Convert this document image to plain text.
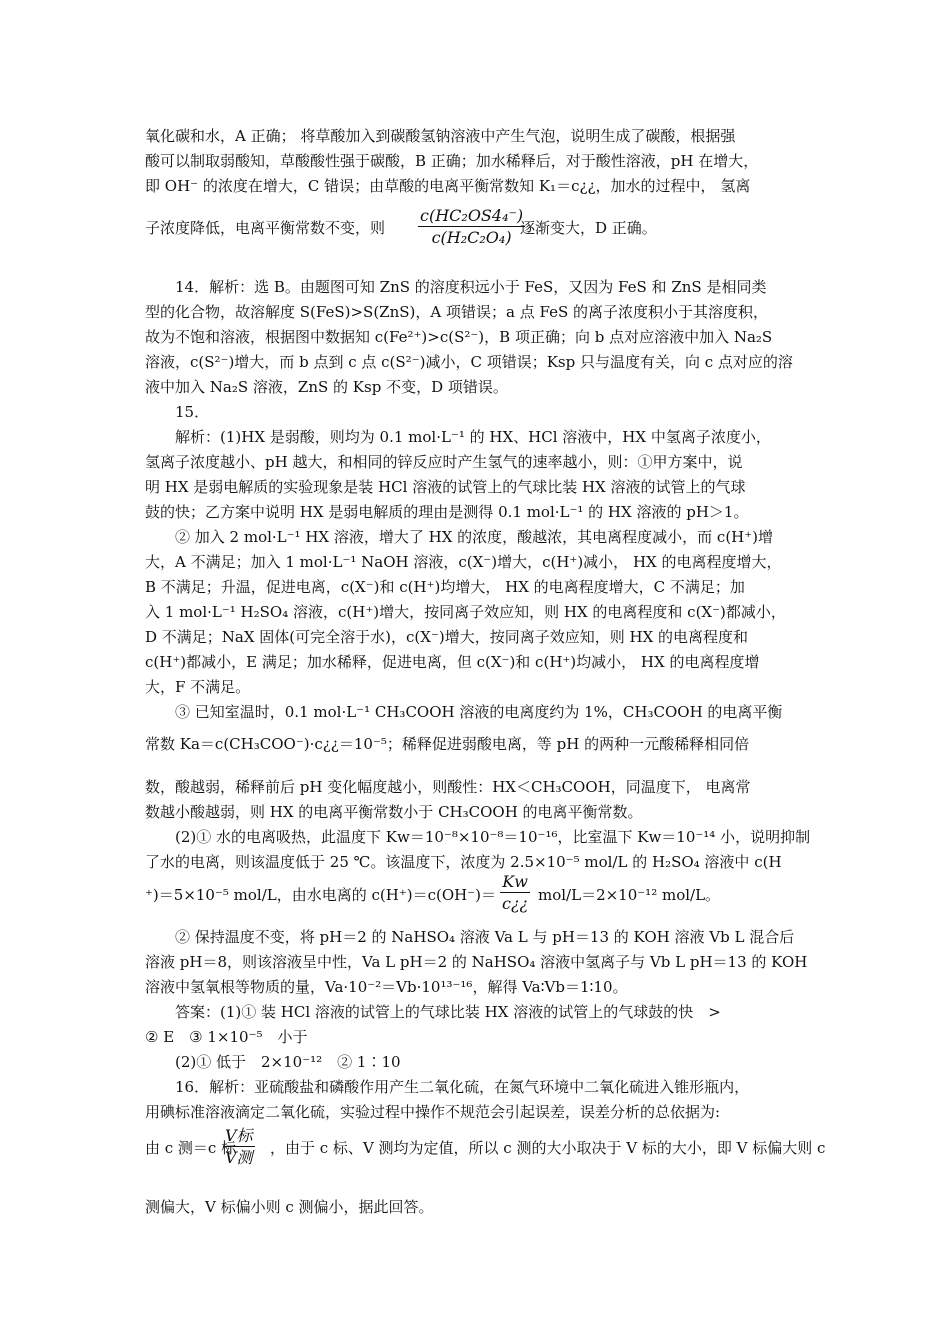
氧化碳和水，A 正确； 将草酸加入到碳酸氢钠溶液中产生气泡，说明生成了碳酸，根据强
酸可以制取弱酸知，草酸酸性强于碳酸，B 正确；加水稀释后，对于酸性溶液，pH 在增大，
即 OH⁻ 的浓度在增大，C 错误；由草酸的电离平衡常数知 K₁＝c¿¿，加水的过程中， 氢离
子浓度降低，电离平衡常数不变，则	$\frac{\text{c(HC₂OS4₄⁻)}}{\text{c(H₂C₂O₄)}}$
逐渐变大，D 正确。
14．解析：选 B。由题图可知 ZnS 的溶度积远小于 FeS，又因为 FeS 和 ZnS 是相同类
型的化合物，故溶解度 S(FeS)>S(ZnS)，A 项错误；a 点 FeS 的离子浓度积小于其溶度积，
故为不饱和溶液，根据图中数据知 c(Fe²⁺)>c(S²⁻)，B 项正确；向 b 点对应溶液中加入 Na₂S
溶液，c(S²⁻)增大，而 b 点到 c 点 c(S²⁻)减小，C 项错误；Ksp 只与温度有关，向 c 点对应的溶
液中加入 Na₂S 溶液，ZnS 的 Ksp 不变，D 项错误。
15．
解析：(1)HX 是弱酸，则均为 0.1 mol·L⁻¹ 的 HX、HCl 溶液中，HX 中氢离子浓度小，
氢离子浓度越小、pH 越大，和相同的锌反应时产生氢气的速率越小，则：①甲方案中，说
明 HX 是弱电解质的实验现象是装 HCl 溶液的试管上的气球比装 HX 溶液的试管上的气球
鼓的快；乙方案中说明 HX 是弱电解质的理由是测得 0.1 mol·L⁻¹ 的 HX 溶液的 pH＞1。
② 加入 2 mol·L⁻¹ HX 溶液，增大了 HX 的浓度，酸越浓，其电离程度减小，而 c(H⁺)增
大，A 不满足；加入 1 mol·L⁻¹ NaOH 溶液，c(X⁻)增大，c(H⁺)减小， HX 的电离程度增大，
B 不满足；升温，促进电离，c(X⁻)和 c(H⁺)均增大， HX 的电离程度增大，C 不满足；加
入 1 mol·L⁻¹ H₂SO₄ 溶液，c(H⁺)增大，按同离子效应知，则 HX 的电离程度和 c(X⁻)都减小，
D 不满足；NaX 固体(可完全溶于水)，c(X⁻)增大，按同离子效应知，则 HX 的电离程度和
c(H⁺)都减小，E 满足；加水稀释，促进电离，但 c(X⁻)和 c(H⁺)均减小， HX 的电离程度增
大，F 不满足。
③ 已知室温时，0.1 mol·L⁻¹ CH₃COOH 溶液的电离度约为 1%，CH₃COOH 的电离平衡
常数 Ka＝c(CH₃COO⁻)·c¿¿＝10⁻⁵；稀释促进弱酸电离，等 pH 的两种一元酸稀释相同倍
数，酸越弱，稀释前后 pH 变化幅度越小，则酸性：HX＜CH₃COOH，同温度下， 电离常
数越小酸越弱，则 HX 的电离平衡常数小于 CH₃COOH 的电离平衡常数。
(2)① 水的电离吸热，此温度下 Kw＝10⁻⁸×10⁻⁸＝10⁻¹⁶，比室温下 Kw＝10⁻¹⁴ 小，说明抑制
了水的电离，则该温度低于 25 ℃。该温度下，浓度为 2.5×10⁻⁵ mol/L 的 H₂SO₄ 溶液中 c(H
⁺)＝5×10⁻⁵ mol/L，由水电离的 $c(H^+)=c(OH^-)= \frac{Kw}{c¿¿} mol/L=2\times 10^{-12}$ mol/L。
② 保持温度不变，将 pH＝2 的 NaHSO₄ 溶液 Va L 与 pH＝13 的 KOH 溶液 Vb L 混合后
溶液 pH＝8，则该溶液呈中性，Va L pH＝2 的 NaHSO₄ 溶液中氢离子与 Vb L pH＝13 的 KOH
溶液中氢氧根等物质的量，Va·10⁻²＝Vb·10¹³⁻¹⁶，解得 Va∶Vb＝1∶10。
答案：(1)① 装 HCl 溶液的试管上的气球比装 HX 溶液的试管上的气球鼓的快　>
② E　③ 1×10⁻⁵　小于
(2)① 低于　2×10⁻¹²　② 1∶10
16．解析：亚硫酸盐和磷酸作用产生二氧化硫，在氮气环境中二氧化硫进入锥形瓶内，
用碘标准溶液滴定二氧化硫，实验过程中操作不规范会引起误差，误差分析的总依据为:
由 c 测＝c 标
V标
V测 ，由于 c 标、V 测均为定值，所以 c 测的大小取决于 V 标的大小，即 V 标偏大则 c
测偏大，V 标偏小则 c 测偏小，据此回答。
